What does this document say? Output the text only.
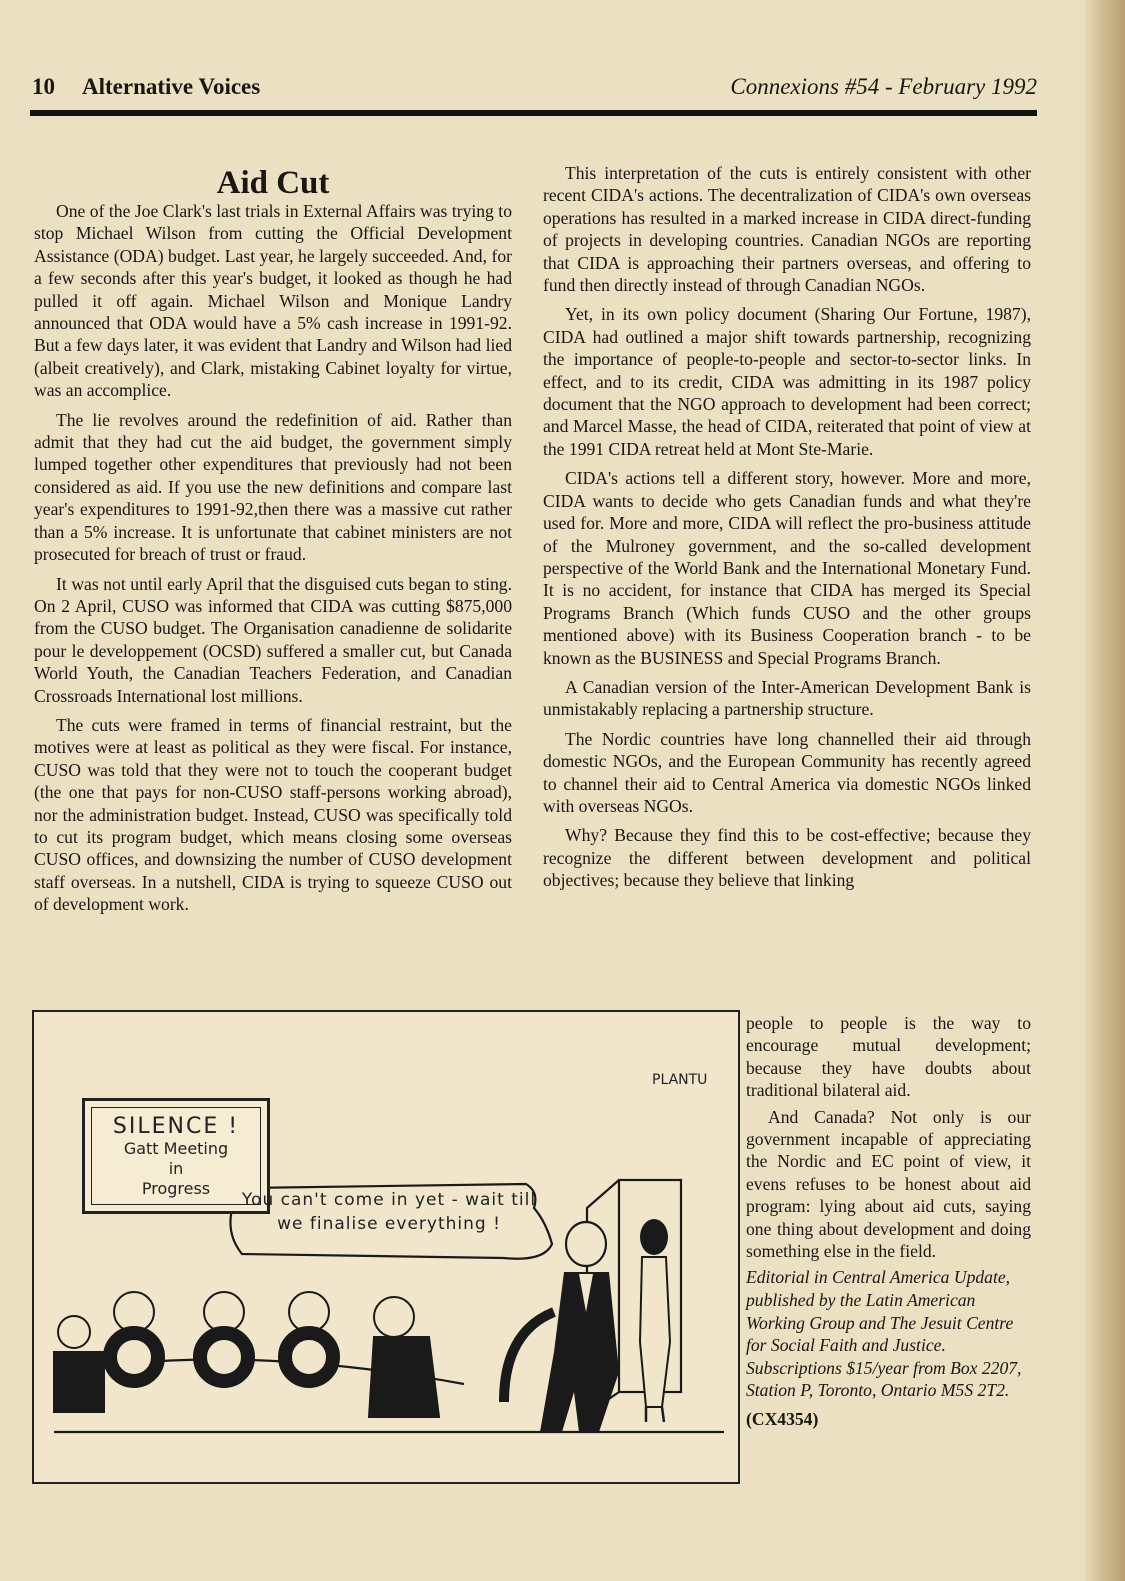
10 Alternative Voices	Connexions #54 - February 1992
Aid Cut

One of the Joe Clark's last trials in External Affairs was trying to stop Michael Wilson from cutting the Official Development Assistance (ODA) budget. Last year, he largely succeeded. And, for a few seconds after this year's budget, it looked as though he had pulled it off again. Michael Wilson and Monique Landry announced that ODA would have a 5% cash increase in 1991-92. But a few days later, it was evident that Landry and Wilson had lied (albeit creatively), and Clark, mistaking Cabinet loyalty for virtue, was an accomplice.

The lie revolves around the redefinition of aid. Rather than admit that they had cut the aid budget, the government simply lumped together other expenditures that previously had not been considered as aid. If you use the new definitions and compare last year's expenditures to 1991-92,then there was a massive cut rather than a 5% increase. It is unfortunate that cabinet ministers are not prosecuted for breach of trust or fraud.

It was not until early April that the disguised cuts began to sting. On 2 April, CUSO was informed that CIDA was cutting $875,000 from the CUSO budget. The Organisation canadienne de solidarite pour le developpement (OCSD) suffered a smaller cut, but Canada World Youth, the Canadian Teachers Federation, and Canadian Crossroads International lost millions.

The cuts were framed in terms of financial restraint, but the motives were at least as political as they were fiscal. For instance, CUSO was told that they were not to touch the cooperant budget (the one that pays for non-CUSO staff-persons working abroad), nor the administration budget. Instead, CUSO was specifically told to cut its program budget, which means closing some overseas CUSO offices, and downsizing the number of CUSO development staff overseas. In a nutshell, CIDA is trying to squeeze CUSO out of development work.

This interpretation of the cuts is entirely consistent with other recent CIDA's actions. The decentralization of CIDA's own overseas operations has resulted in a marked increase in CIDA direct-funding of projects in developing countries. Canadian NGOs are reporting that CIDA is approaching their partners overseas, and offering to fund then directly instead of through Canadian NGOs.

Yet, in its own policy document (Sharing Our Fortune, 1987), CIDA had outlined a major shift towards partnership, recognizing the importance of people-to-people and sector-to-sector links. In effect, and to its credit, CIDA was admitting in its 1987 policy document that the NGO approach to development had been correct; and Marcel Masse, the head of CIDA, reiterated that point of view at the 1991 CIDA retreat held at Mont Ste-Marie.

CIDA's actions tell a different story, however. More and more, CIDA wants to decide who gets Canadian funds and what they're used for. More and more, CIDA will reflect the pro-business attitude of the Mulroney government, and the so-called development perspective of the World Bank and the International Monetary Fund. It is no accident, for instance that CIDA has merged its Special Programs Branch (Which funds CUSO and the other groups mentioned above) with its Business Cooperation branch - to be known as the BUSINESS and Special Programs Branch.

A Canadian version of the Inter-American Development Bank is unmistakably replacing a partnership structure.

The Nordic countries have long channelled their aid through domestic NGOs, and the European Community has recently agreed to channel their aid to Central America via domestic NGOs linked with overseas NGOs.

Why? Because they find this to be cost-effective; because they recognize the different between development and political objectives; because they believe that linking

people to people is the way to encourage mutual development; because they have doubts about traditional bilateral aid.

And Canada? Not only is our government incapable of appreciating the Nordic and EC point of view, it evens refuses to be honest about aid program: lying about aid cuts, saying one thing about development and doing something else in the field.

Editorial in Central America Update, published by the Latin American Working Group and The Jesuit Centre for Social Faith and Justice. Subscriptions $15/year from Box 2207, Station P, Toronto, Ontario M5S 2T2.

(CX4354)

SILENCE !
Gatt Meeting
in
Progress
You can't come in yet - wait till we finalise everything !
PLANTU
